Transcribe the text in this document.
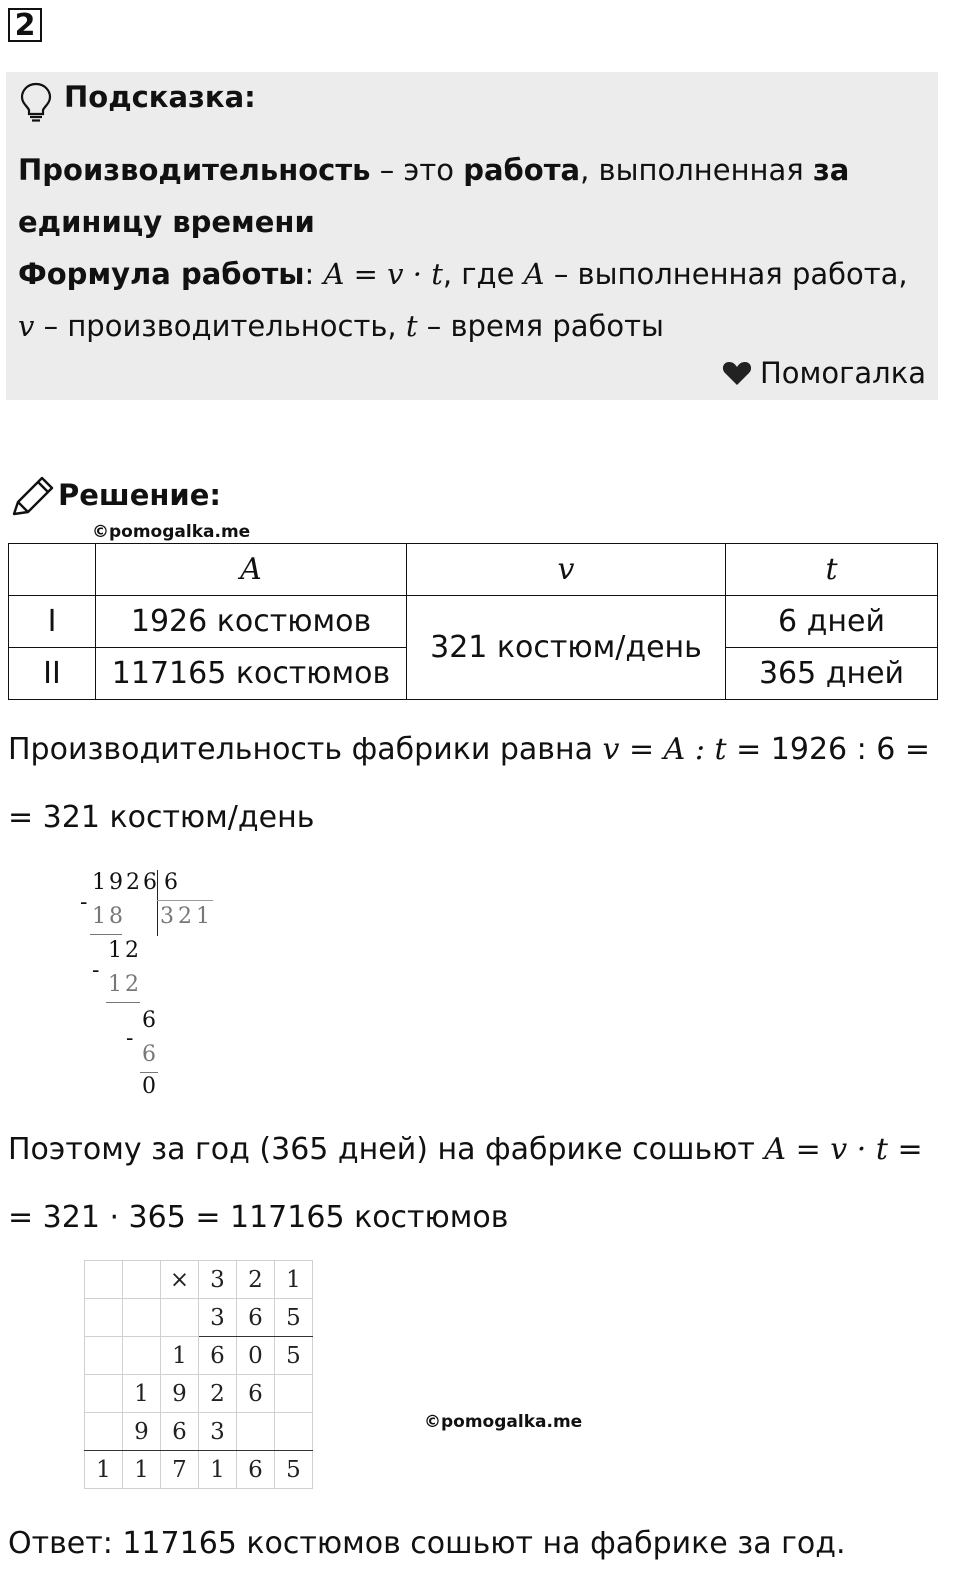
2
Подсказка:
Производительность – это работа, выполненная за
единицу времени
Формула работы: A = v · t, где A – выполненная работа,
v – производительность, t – время работы
Помогалка
Решение:
©pomogalka.me
	A	v	t
I	1926 костюмов	321 костюм/день	6 дней
II	117165 костюмов		365 дней
Производительность фабрики равна v = A : t = 1926 : 6 =
= 321 костюм/день
1926 6
321
-
18
12
-
12
6
-
6
0
Поэтому за год (365 дней) на фабрике сошьют A = v · t =
= 321 · 365 = 117165 костюмов
		×	3	2	1
			3	6	5
		1	6	0	5
	1	9	2	6	
	9	6	3		
1	1	7	1	6	5
©pomogalka.me
Ответ: 117165 костюмов сошьют на фабрике за год.
